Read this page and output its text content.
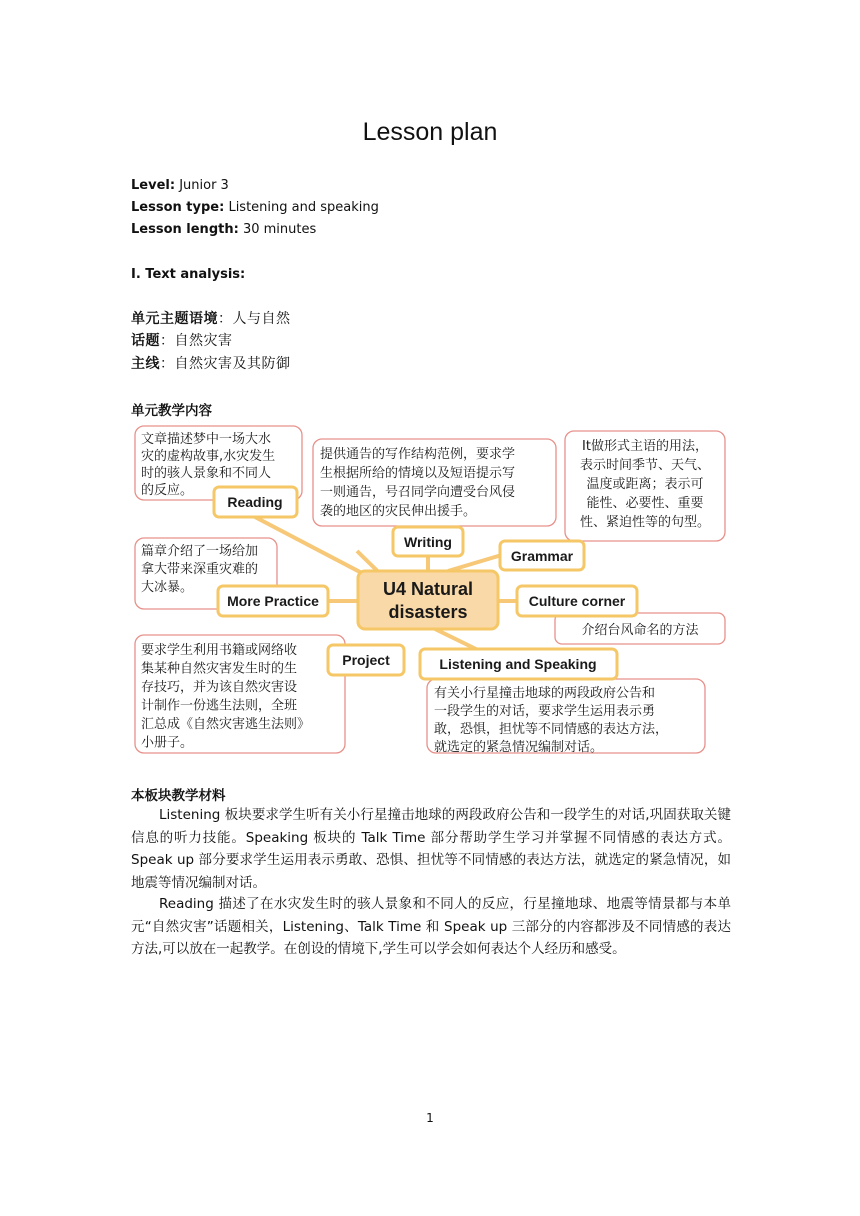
Lesson plan
Level: Junior 3
Lesson type: Listening and speaking
Lesson length: 30 minutes
I. Text analysis:
单元主题语境：人与自然
话题：自然灾害
主线：自然灾害及其防御
单元教学内容
U4 Natural
disasters
Reading
Writing
Grammar
More Practice	Culture corner
Project	Listening and Speaking
文章描述梦中一场大水
灾的虚构故事,水灾发生
时的骇人景象和不同人
的反应。
提供通告的写作结构范例，要求学
生根据所给的情境以及短语提示写
一则通告，号召同学向遭受台风侵
袭的地区的灾民伸出援手。
It做形式主语的用法，
表示时间季节、天气、
温度或距离；表示可
能性、必要性、重要
性、紧迫性等的句型。
篇章介绍了一场给加
拿大带来深重灾难的
大冰暴。
介绍台风命名的方法
要求学生利用书籍或网络收
集某种自然灾害发生时的生
存技巧，并为该自然灾害设
计制作一份逃生法则，全班
汇总成《自然灾害逃生法则》
小册子。
有关小行星撞击地球的两段政府公告和
一段学生的对话，要求学生运用表示勇
敢，恐惧，担忧等不同情感的表达方法，
就选定的紧急情况编制对话。
本板块教学材料

Listening 板块要求学生听有关小行星撞击地球的两段政府公告和一段学生的对话,巩固获取关键信息的听力技能。Speaking 板块的 Talk Time 部分帮助学生学习并掌握不同情感的表达方式。Speak up 部分要求学生运用表示勇敢、恐惧、担忧等不同情感的表达方法，就选定的紧急情况，如地震等情况编制对话。

Reading 描述了在水灾发生时的骇人景象和不同人的反应，行星撞地球、地震等情景都与本单元“自然灾害”话题相关，Listening、Talk Time 和 Speak up 三部分的内容都涉及不同情感的表达方法,可以放在一起教学。在创设的情境下,学生可以学会如何表达个人经历和感受。

1
